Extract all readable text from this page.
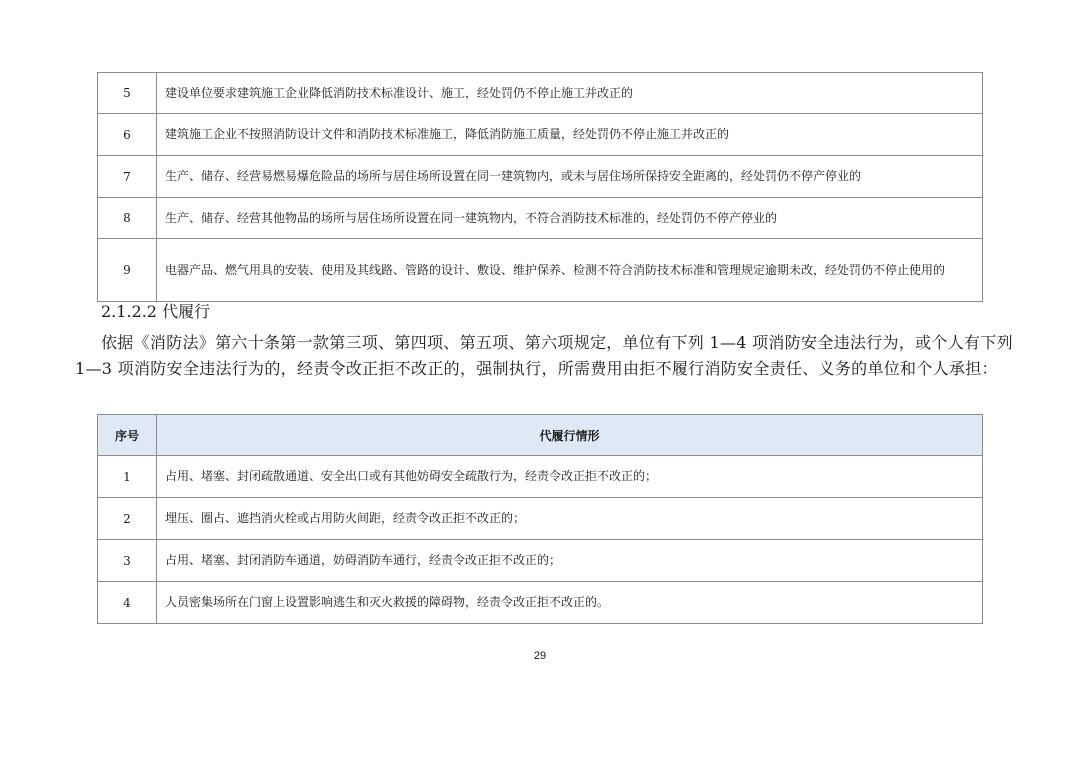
5	建设单位要求建筑施工企业降低消防技术标准设计、施工，经处罚仍不停止施工并改正的
6	建筑施工企业不按照消防设计文件和消防技术标准施工，降低消防施工质量，经处罚仍不停止施工并改正的
7	生产、储存、经营易燃易爆危险品的场所与居住场所设置在同一建筑物内，或未与居住场所保持安全距离的，经处罚仍不停产停业的
8	生产、储存、经营其他物品的场所与居住场所设置在同一建筑物内，不符合消防技术标准的，经处罚仍不停产停业的
9	电器产品、燃气用具的安装、使用及其线路、管路的设计、敷设、维护保养、检测不符合消防技术标准和管理规定逾期未改，经处罚仍不停止使用的
2.1.2.2 代履行
依据《消防法》第六十条第一款第三项、第四项、第五项、第六项规定，单位有下列 1—4 项消防安全违法行为，或个人有下列 1—3 项消防安全违法行为的，经责令改正拒不改正的，强制执行，所需费用由拒不履行消防安全责任、义务的单位和个人承担：
序号	代履行情形
1	占用、堵塞、封闭疏散通道、安全出口或有其他妨碍安全疏散行为，经责令改正拒不改正的；
2	埋压、圈占、遮挡消火栓或占用防火间距，经责令改正拒不改正的；
3	占用、堵塞、封闭消防车通道，妨碍消防车通行，经责令改正拒不改正的；
4	人员密集场所在门窗上设置影响逃生和灭火救援的障碍物，经责令改正拒不改正的。
29
